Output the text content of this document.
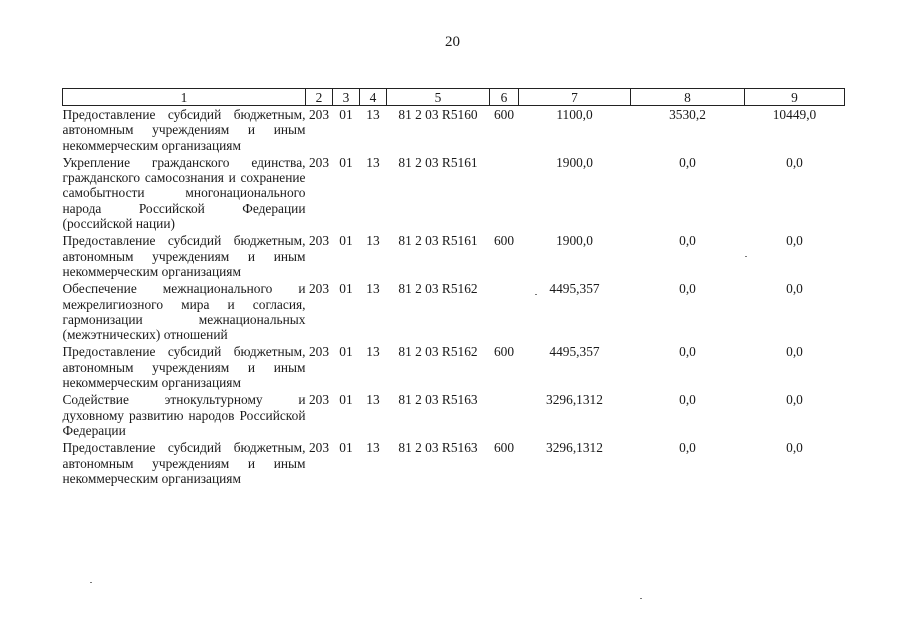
20
1	2	3	4	5	6	7	8	9
Предоставление субсидий бюджетным, автономным учреждениям и иным некоммерческим организациям	203	01	13	81 2 03 R5160	600	1100,0	3530,2	10449,0
Укрепление гражданского единства, гражданского самосознания и сохранение самобытности многонационального народа Российской Федерации (российской нации)	203	01	13	81 2 03 R5161		1900,0	0,0	0,0
Предоставление субсидий бюджетным, автономным учреждениям и иным некоммерческим организациям	203	01	13	81 2 03 R5161	600	1900,0	0,0	0,0
Обеспечение межнационального и межрелигиозного мира и согласия, гармонизации межнациональных (межэтнических) отношений	203	01	13	81 2 03 R5162		4495,357	0,0	0,0
Предоставление субсидий бюджетным, автономным учреждениям и иным некоммерческим организациям	203	01	13	81 2 03 R5162	600	4495,357	0,0	0,0
Содействие этнокультурному и духовному развитию народов Российской Федерации	203	01	13	81 2 03 R5163		3296,1312	0,0	0,0
Предоставление субсидий бюджетным, автономным учреждениям и иным некоммерческим организациям	203	01	13	81 2 03 R5163	600	3296,1312	0,0	0,0
